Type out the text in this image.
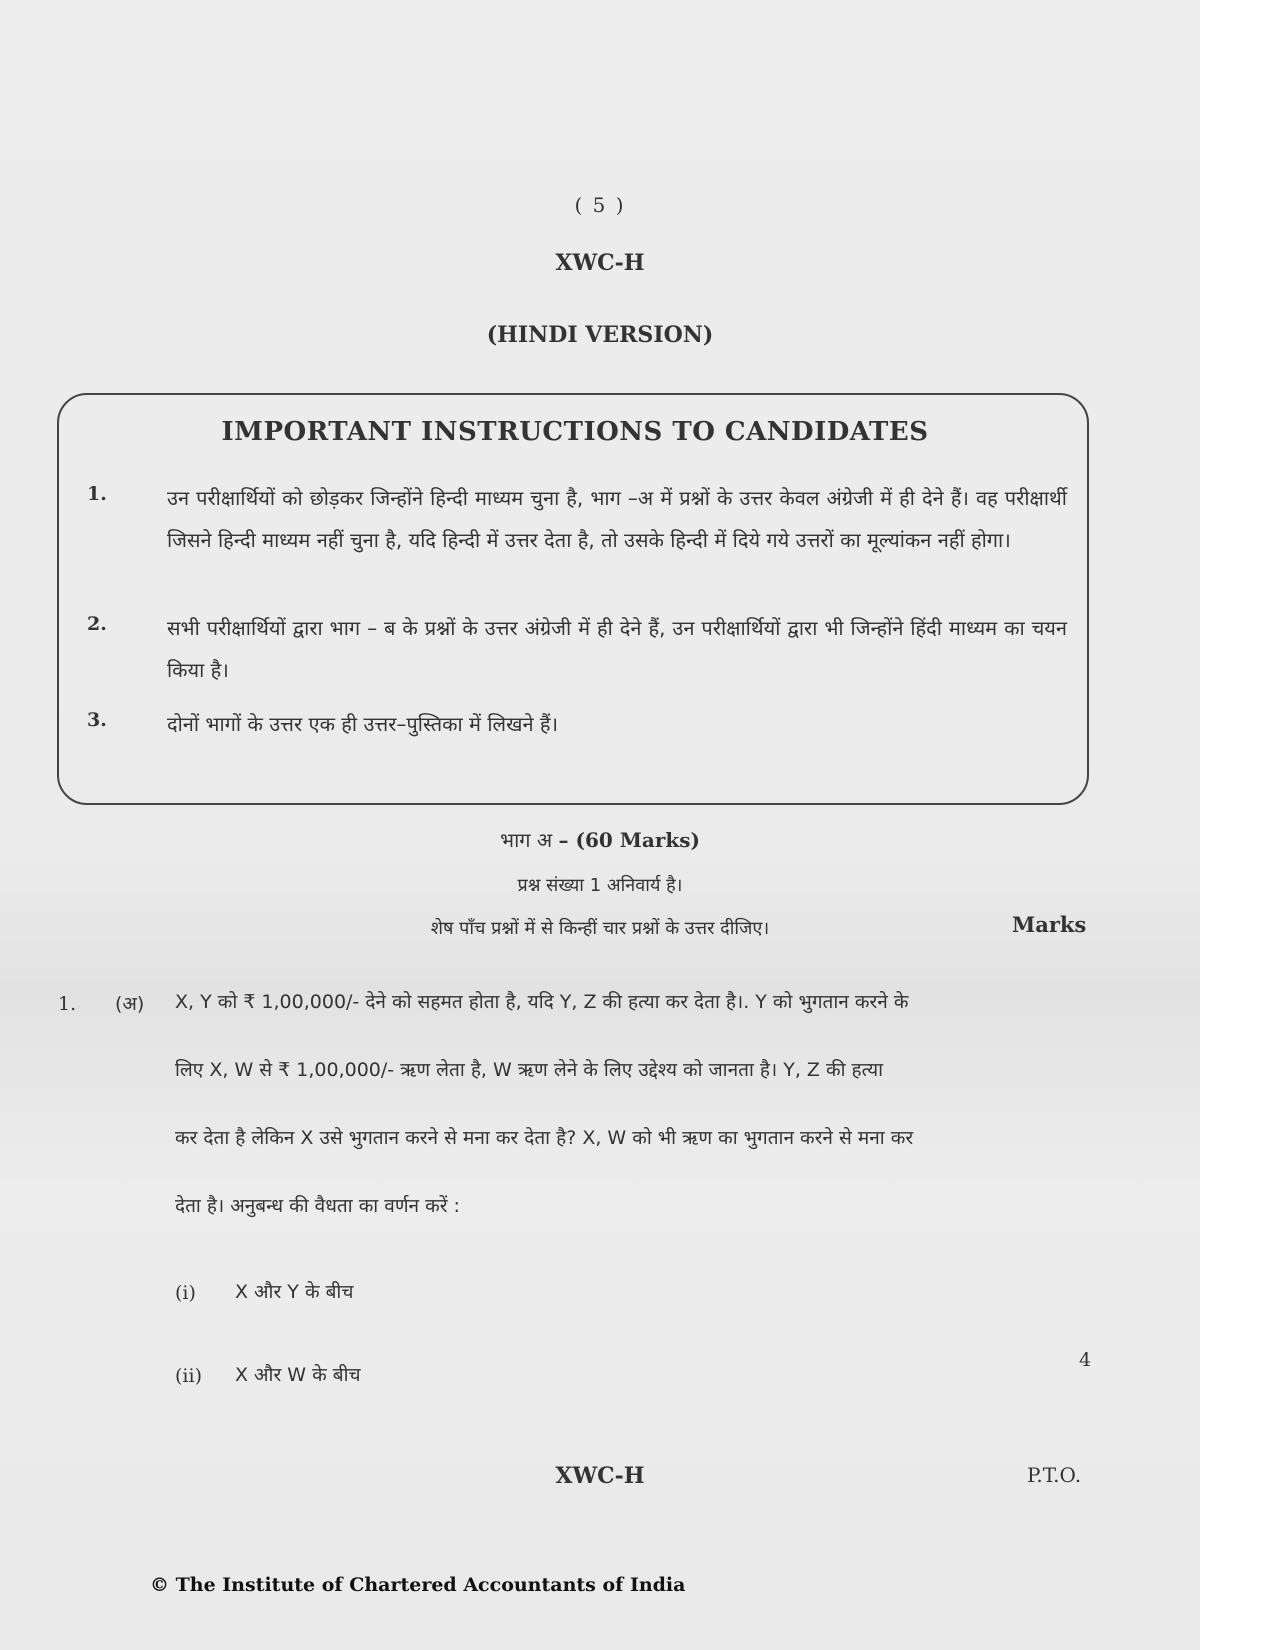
( 5 )
XWC-H
(HINDI VERSION)
IMPORTANT INSTRUCTIONS TO CANDIDATES
1.	उन परीक्षार्थियों को छोड़कर जिन्होंने हिन्दी माध्यम चुना है, भाग –अ में प्रश्नों के उत्तर केवल अंग्रेजी में ही देने हैं। वह परीक्षार्थी जिसने हिन्दी माध्यम नहीं चुना है, यदि हिन्दी में उत्तर देता है, तो उसके हिन्दी में दिये गये उत्तरों का मूल्यांकन नहीं होगा।
2.	सभी परीक्षार्थियों द्वारा भाग – ब के प्रश्नों के उत्तर अंग्रेजी में ही देने हैं, उन परीक्षार्थियों द्वारा भी जिन्होंने हिंदी माध्यम का चयन किया है।
3.	दोनों भागों के उत्तर एक ही उत्तर–पुस्तिका में लिखने हैं।
भाग अ – (60 Marks)
प्रश्न संख्या 1 अनिवार्य है।
शेष पाँच प्रश्नों में से किन्हीं चार प्रश्नों के उत्तर दीजिए।	Marks
1. (अ) X, Y को ₹ 1,00,000/- देने को सहमत होता है, यदि Y, Z की हत्या कर देता है।. Y को भुगतान करने के
लिए X, W से ₹ 1,00,000/- ऋण लेता है, W ऋण लेने के लिए उद्देश्य को जानता है। Y, Z की हत्या
कर देता है लेकिन X उसे भुगतान करने से मना कर देता है? X, W को भी ऋण का भुगतान करने से मना कर
देता है। अनुबन्ध की वैधता का वर्णन करें :
(i) X और Y के बीच
(ii) X और W के बीच
4
XWC-H	P.T.O.
© The Institute of Chartered Accountants of India
